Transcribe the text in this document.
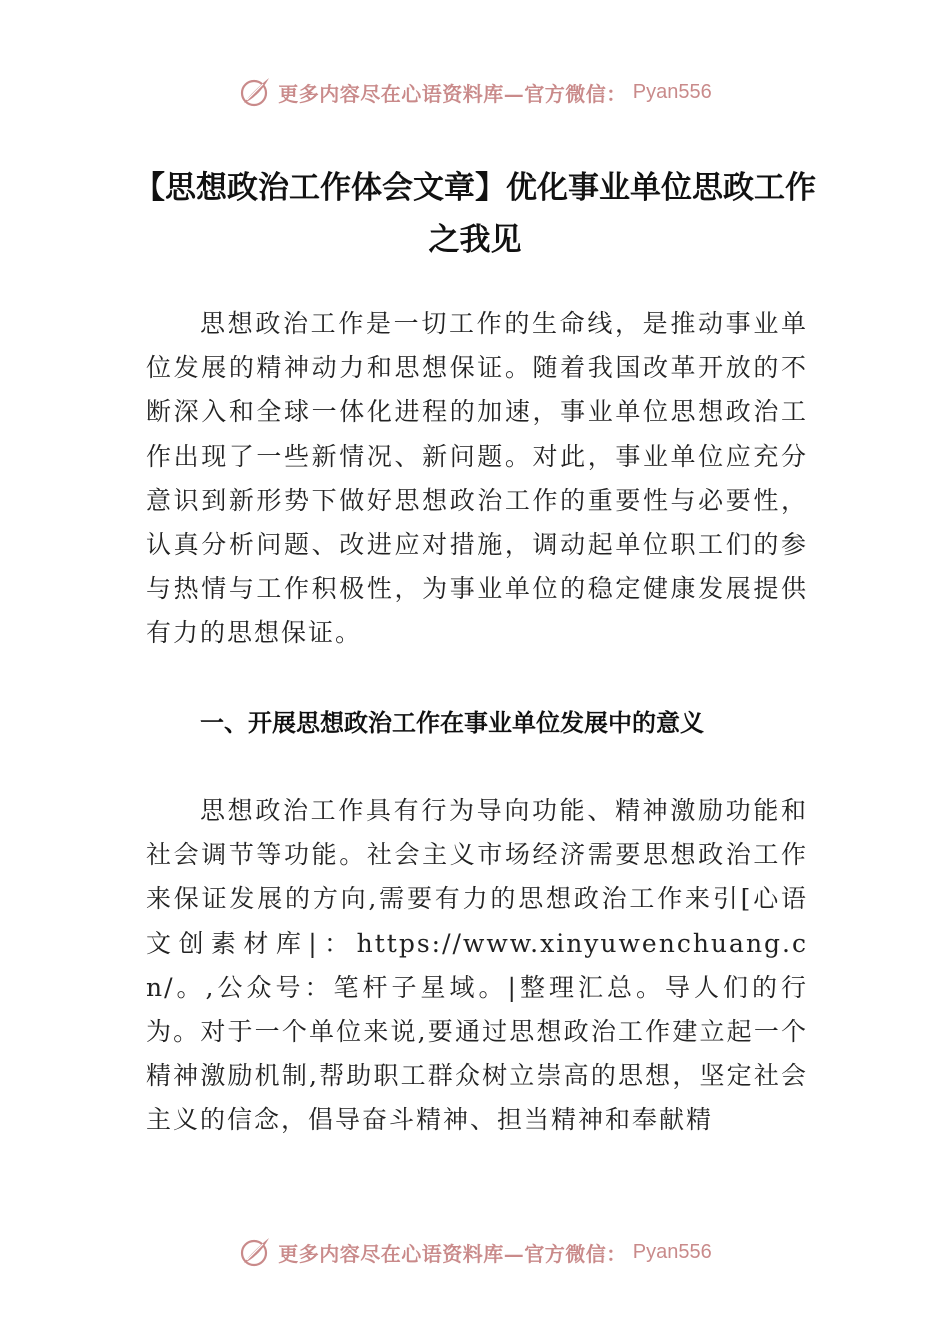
更多内容尽在心语资料库—官方微信： Pyan556
【思想政治工作体会文章】优化事业单位思政工作之我见

思想政治工作是一切工作的生命线，是推动事业单位发展的精神动力和思想保证。随着我国改革开放的不断深入和全球一体化进程的加速，事业单位思想政治工作出现了一些新情况、新问题。对此，事业单位应充分意识到新形势下做好思想政治工作的重要性与必要性，认真分析问题、改进应对措施，调动起单位职工们的参与热情与工作积极性，为事业单位的稳定健康发展提供有力的思想保证。

一、开展思想政治工作在事业单位发展中的意义

思想政治工作具有行为导向功能、精神激励功能和社会调节等功能。社会主义市场经济需要思想政治工作来保证发展的方向,需要有力的思想政治工作来引[心语文创素材库|：https://www.xinyuwenchuang.cn/。,公众号：笔杆子星域。|整理汇总。导人们的行为。对于一个单位来说,要通过思想政治工作建立起一个精神激励机制,帮助职工群众树立崇高的思想，坚定社会主义的信念，倡导奋斗精神、担当精神和奉献精

更多内容尽在心语资料库—官方微信： Pyan556
